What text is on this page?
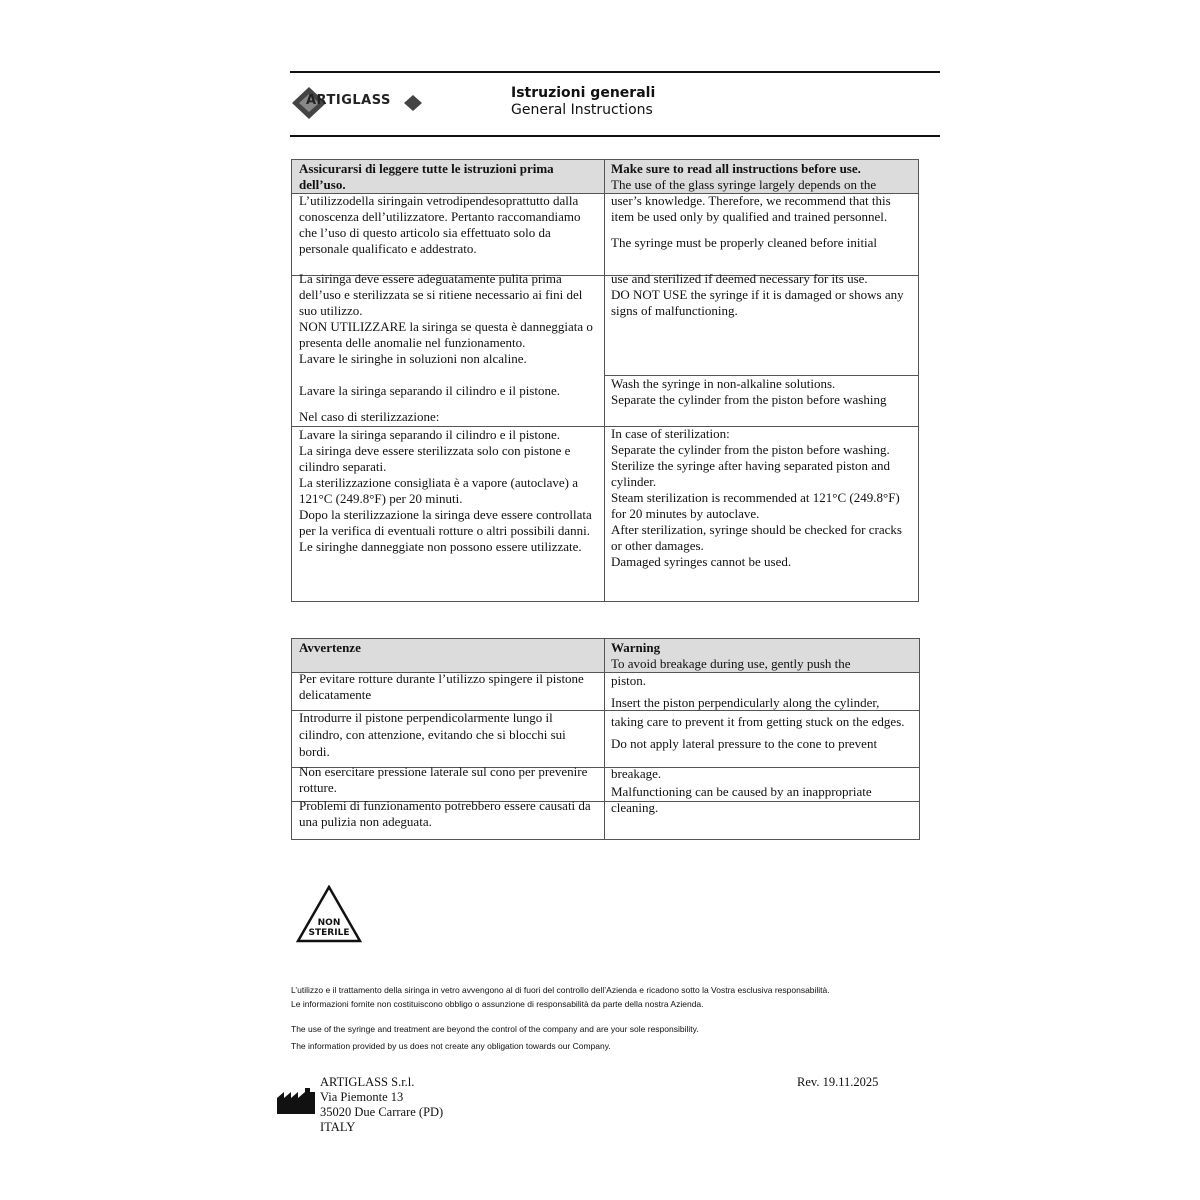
ARTIGLASS	Istruzioni generali
General Instructions
Assicurarsi di leggere tutte le istruzioni prima dell’uso.

Make sure to read all instructions before use.

The use of the glass syringe largely depends on the

L’utilizzodella siringain vetrodipendesoprattutto dalla conoscenza dell’utilizzatore. Pertanto raccomandiamo che l’uso di questo articolo sia effettuato solo da personale qualificato e addestrato.

user’s knowledge. Therefore, we recommend that this item be used only by qualified and trained personnel.

The syringe must be properly cleaned before initial

La siringa deve essere adeguatamente pulita prima dell’uso e sterilizzata se si ritiene necessario ai fini del suo utilizzo.

NON UTILIZZARE la siringa se questa è danneggiata o presenta delle anomalie nel funzionamento.

Lavare le siringhe in soluzioni non alcaline.

use and sterilized if deemed necessary for its use.

DO NOT USE the syringe if it is damaged or shows any signs of malfunctioning.

Lavare la siringa separando il cilindro e il pistone.

Nel caso di sterilizzazione:

Wash the syringe in non-alkaline solutions.

Separate the cylinder from the piston before washing

Lavare la siringa separando il cilindro e il pistone.

La siringa deve essere sterilizzata solo con pistone e cilindro separati.

La sterilizzazione consigliata è a vapore (autoclave) a 121°C (249.8°F) per 20 minuti.

Dopo la sterilizzazione la siringa deve essere controllata per la verifica di eventuali rotture o altri possibili danni. Le siringhe danneggiate non possono essere utilizzate.

In case of sterilization:

Separate the cylinder from the piston before washing.

Sterilize the syringe after having separated piston and cylinder.

Steam sterilization is recommended at 121°C (249.8°F) for 20 minutes by autoclave.

After sterilization, syringe should be checked for cracks or other damages.

Damaged syringes cannot be used.

Avvertenze	Warning

To avoid breakage during use, gently push the

Per evitare rotture durante l’utilizzo spingere il pistone delicatamente

piston.

Insert the piston perpendicularly along the cylinder,

Introdurre il pistone perpendicolarmente lungo il cilindro, con attenzione, evitando che si blocchi sui bordi.

taking care to prevent it from getting stuck on the edges.

Do not apply lateral pressure to the cone to prevent

Non esercitare pressione laterale sul cono per prevenire rotture.

breakage.

Malfunctioning can be caused by an inappropriate

Problemi di funzionamento potrebbero essere causati da una pulizia non adeguata.

cleaning.

NON
STERILE
L’utilizzo e il trattamento della siringa in vetro avvengono al di fuori del controllo dell’Azienda e ricadono sotto la Vostra esclusiva responsabilità.
Le informazioni fornite non costituiscono obbligo o assunzione di responsabilità da parte della nostra Azienda.
The use of the syringe and treatment are beyond the control of the company and are your sole responsibility.
The information provided by us does not create any obligation towards our Company.
ARTIGLASS S.r.l.
Via Piemonte 13
35020 Due Carrare (PD)
ITALY
Rev. 19.11.2025
